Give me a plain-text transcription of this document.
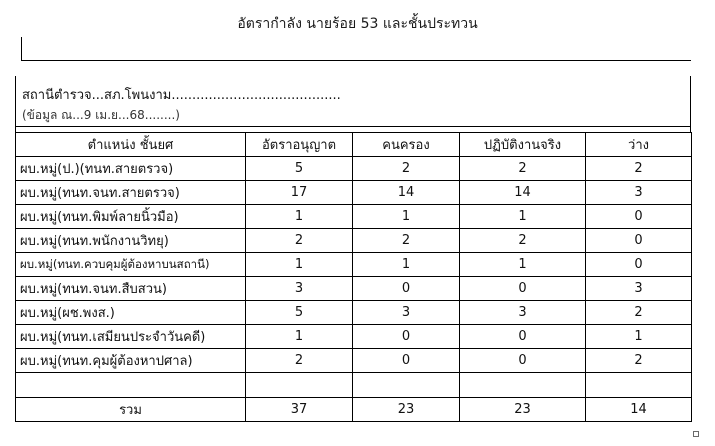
อัตรากำลัง นายร้อย 53 และชั้นประทวน
สถานีตำรวจ...สภ.โพนงาม.........................................
(ข้อมูล ณ...9 เม.ย...68........)
ตำแหน่ง ชั้นยศ	อัตราอนุญาต	คนครอง	ปฏิบัติงานจริง	ว่าง
ผบ.หมู่(ป.)(ทนท.สายตรวจ)	5	2	2	2
ผบ.หมู่(ทนท.จนท.สายตรวจ)	17	14	14	3
ผบ.หมู่(ทนท.พิมพ์ลายนิ้วมือ)	1	1	1	0
ผบ.หมู่(ทนท.พนักงานวิทยุ)	2	2	2	0
ผบ.หมู่(ทนท.ควบคุมผู้ต้องหาบนสถานี)	1	1	1	0
ผบ.หมู่(ทนท.จนท.สืบสวน)	3	0	0	3
ผบ.หมู่(ผช.พงส.)	5	3	3	2
ผบ.หมู่(ทนท.เสมียนประจำวันคดี)	1	0	0	1
ผบ.หมู่(ทนท.คุมผู้ต้องหาปศาล)	2	0	0	2

รวม	37	23	23	14
